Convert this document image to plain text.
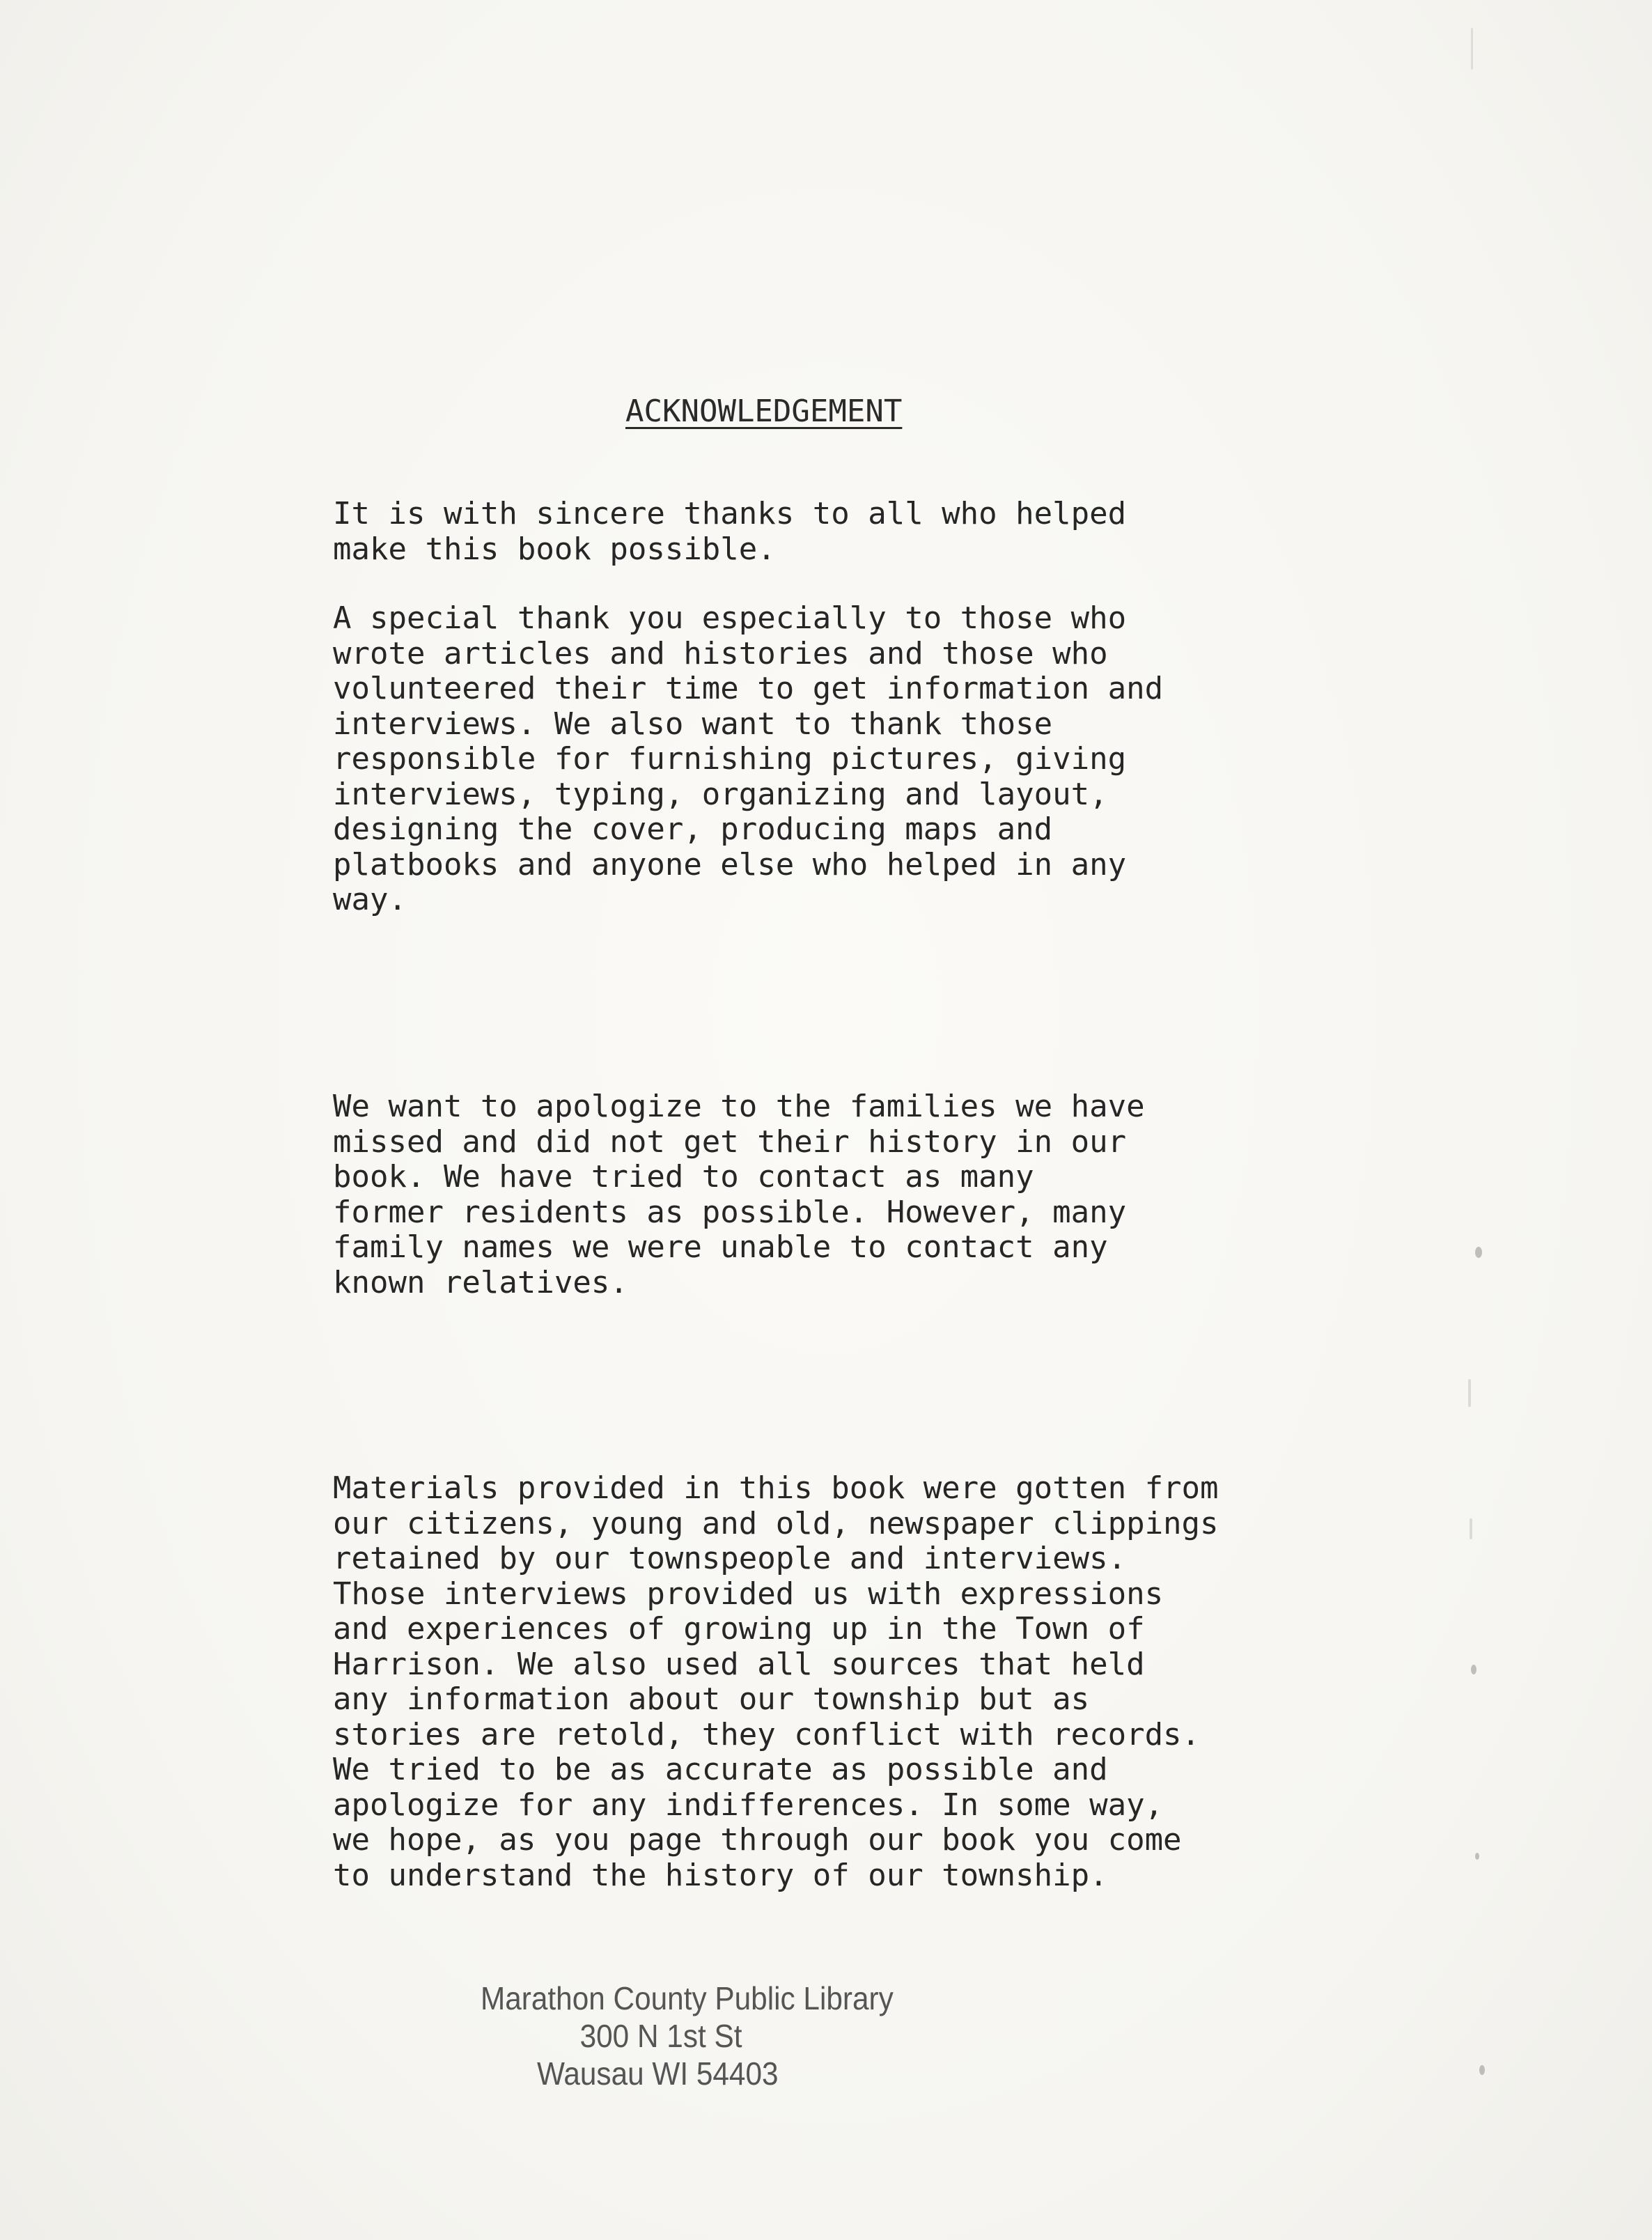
ACKNOWLEDGEMENT
It is with sincere thanks to all who helped
make this book possible.
A special thank you especially to those who
wrote articles and histories and those who
volunteered their time to get information and
interviews. We also want to thank those
responsible for furnishing pictures, giving
interviews, typing, organizing and layout,
designing the cover, producing maps and
platbooks and anyone else who helped in any
way.
We want to apologize to the families we have
missed and did not get their history in our
book. We have tried to contact as many
former residents as possible. However, many
family names we were unable to contact any
known relatives.
Materials provided in this book were gotten from
our citizens, young and old, newspaper clippings
retained by our townspeople and interviews.
Those interviews provided us with expressions
and experiences of growing up in the Town of
Harrison. We also used all sources that held
any information about our township but as
stories are retold, they conflict with records.
We tried to be as accurate as possible and
apologize for any indifferences. In some way,
we hope, as you page through our book you come
to understand the history of our township.
Marathon County Public Library
300 N 1st St
Wausau WI 54403
